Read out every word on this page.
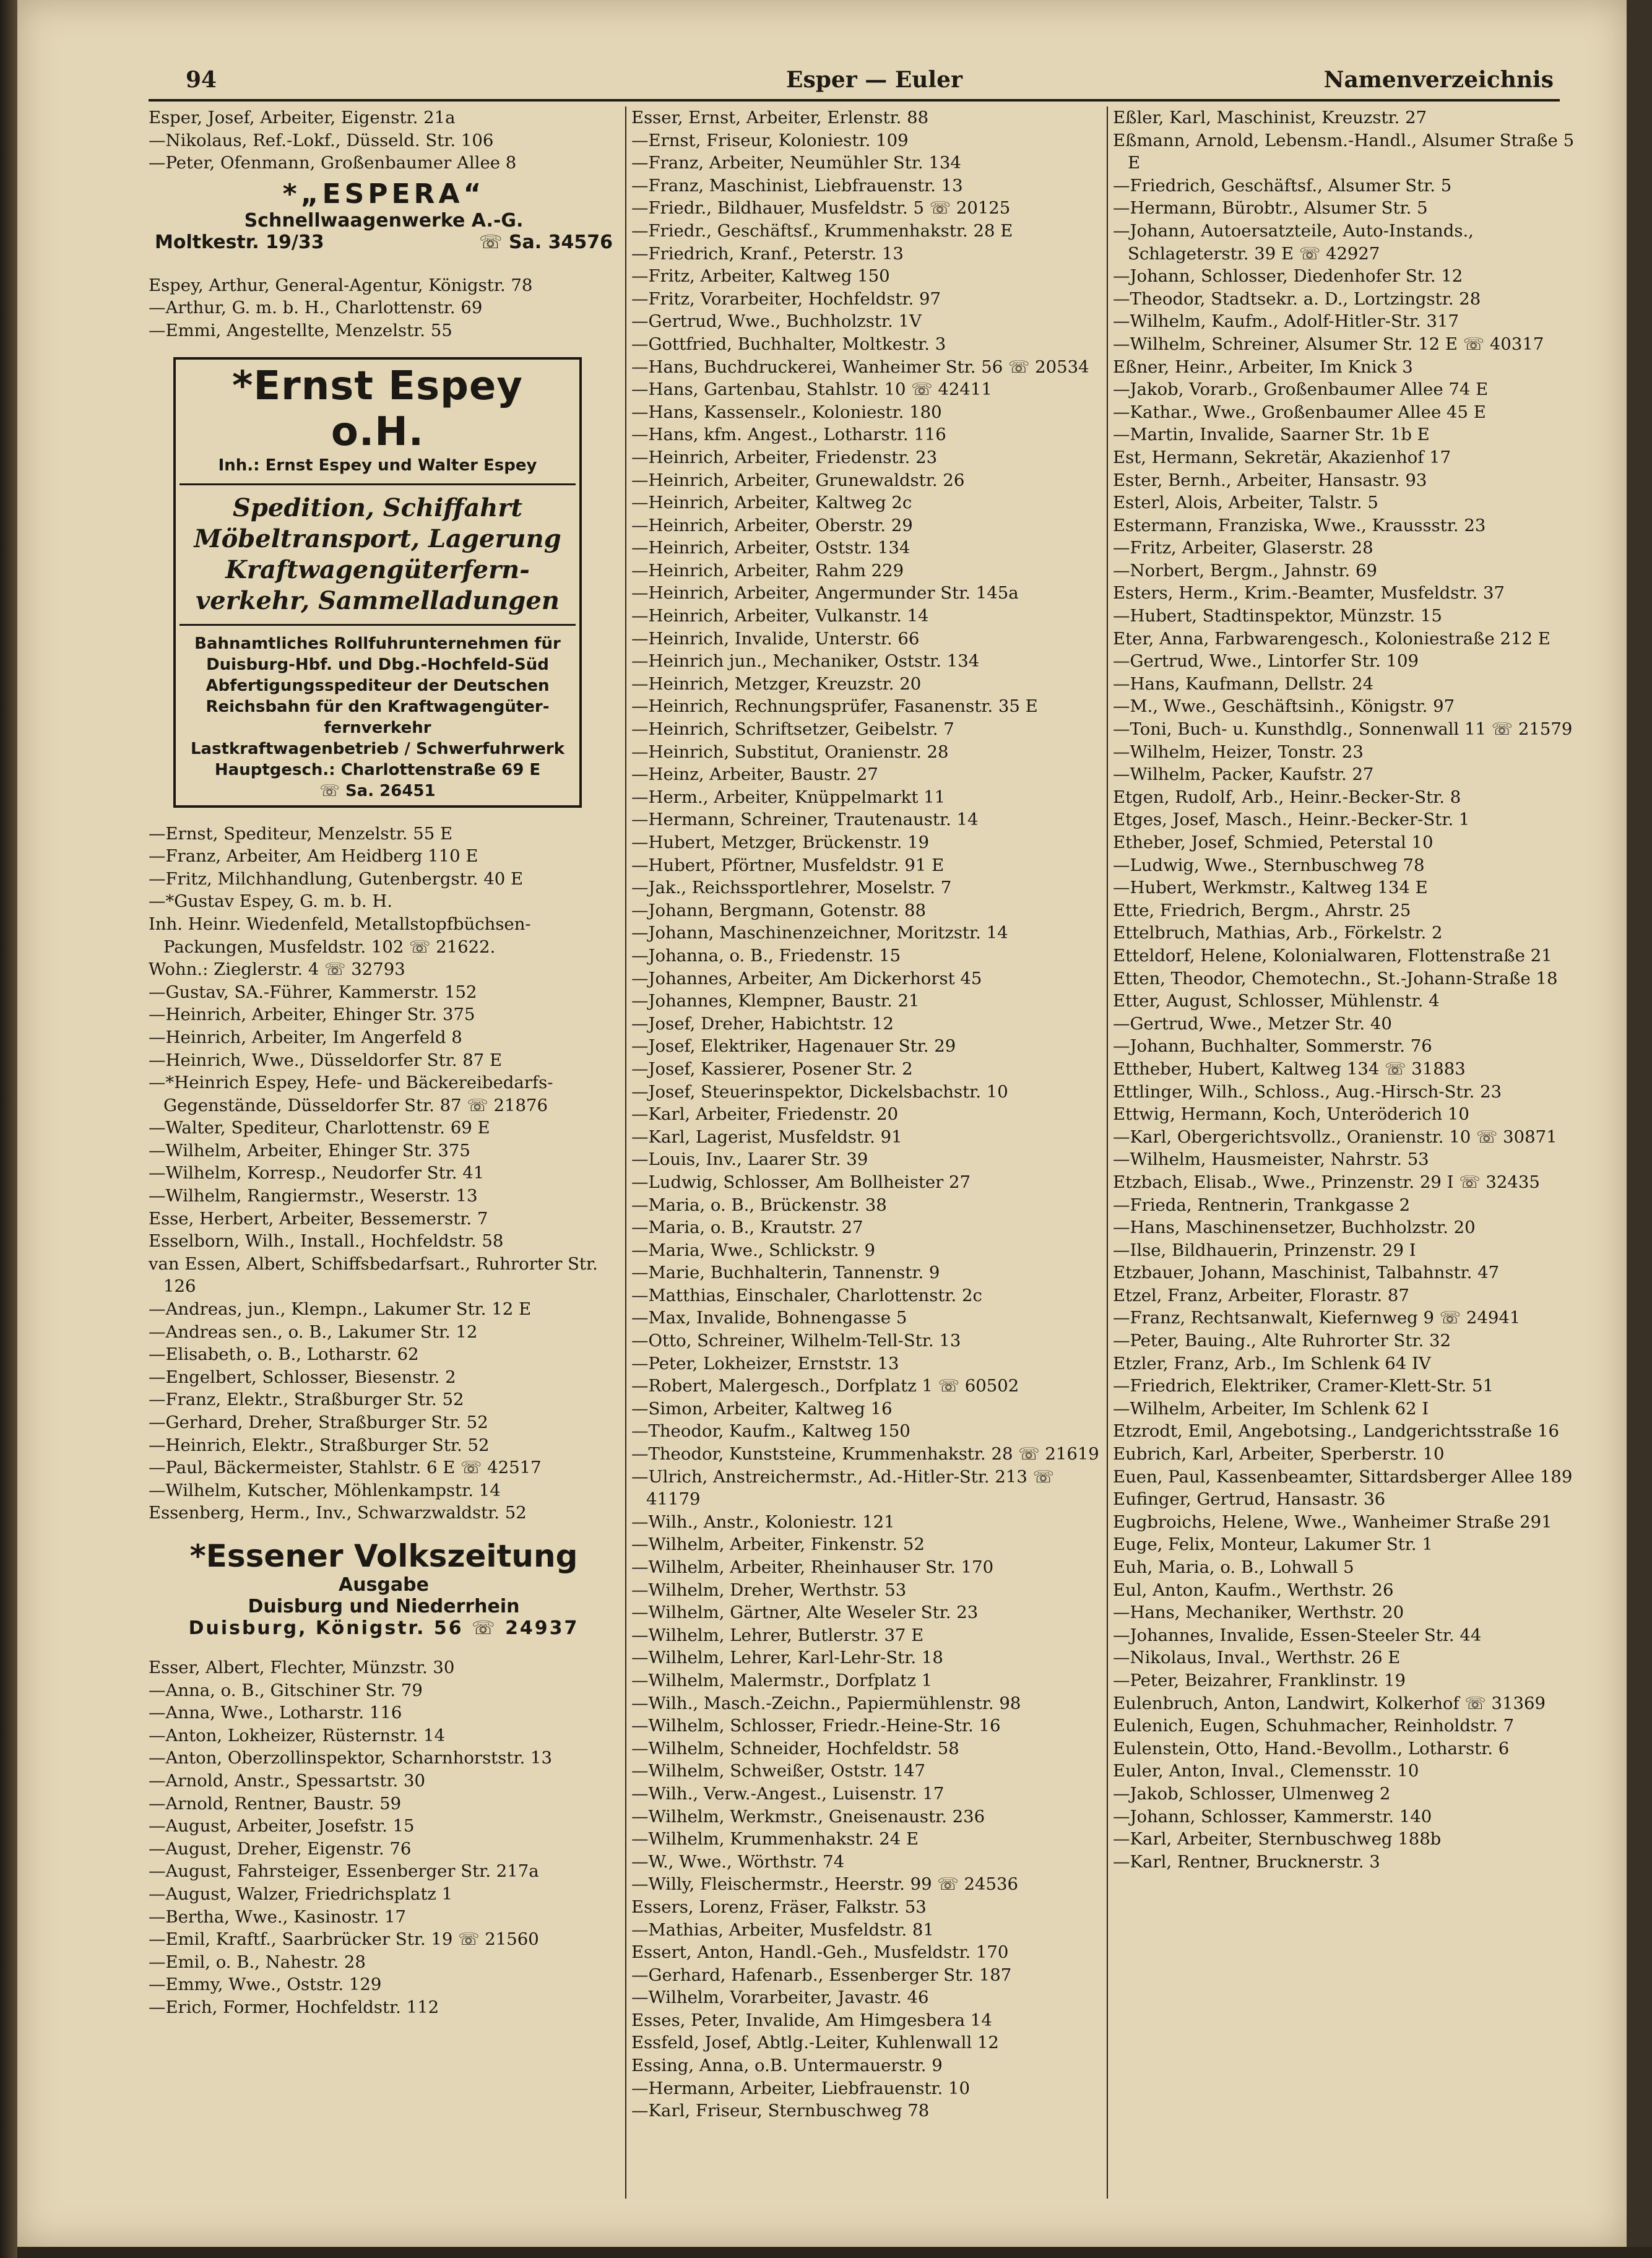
94	Esper — Euler	Namenverzeichnis
Esper, Josef, Arbeiter, Eigenstr. 21a
—Nikolaus, Ref.-Lokf., Düsseld. Str. 106
—Peter, Ofenmann, Großenbaumer Allee 8
*„ESPERA“
Schnellwaagenwerke A.-G.
Moltkestr. 19/33	☏ Sa. 34576
Espey, Arthur, General-Agentur, Königstr. 78
—Arthur, G. m. b. H., Charlottenstr. 69
—Emmi, Angestellte, Menzelstr. 55
*Ernst Espey o.H.
Inh.: Ernst Espey und Walter Espey
Spedition, Schiffahrt
Möbeltransport, Lagerung
Kraftwagengüterfern-
verkehr, Sammelladungen
Bahnamtliches Rollfuhrunternehmen für
Duisburg-Hbf. und Dbg.-Hochfeld-Süd
Abfertigungsspediteur der Deutschen
Reichsbahn für den Kraftwagengüter-
fernverkehr
Lastkraftwagenbetrieb / Schwerfuhrwerk
Hauptgesch.: Charlottenstraße 69 E
☏ Sa. 26451
—Ernst, Spediteur, Menzelstr. 55 E
—Franz, Arbeiter, Am Heidberg 110 E
—Fritz, Milchhandlung, Gutenbergstr. 40 E
—*Gustav Espey, G. m. b. H.
Inh. Heinr. Wiedenfeld, Metallstopfbüchsen-Packungen, Musfeldstr. 102 ☏ 21622.
Wohn.: Zieglerstr. 4 ☏ 32793
—Gustav, SA.-Führer, Kammerstr. 152
—Heinrich, Arbeiter, Ehinger Str. 375
—Heinrich, Arbeiter, Im Angerfeld 8
—Heinrich, Wwe., Düsseldorfer Str. 87 E
—*Heinrich Espey, Hefe- und Bäckereibedarfs-Gegenstände, Düsseldorfer Str. 87 ☏ 21876
—Walter, Spediteur, Charlottenstr. 69 E
—Wilhelm, Arbeiter, Ehinger Str. 375
—Wilhelm, Korresp., Neudorfer Str. 41
—Wilhelm, Rangiermstr., Weserstr. 13
Esse, Herbert, Arbeiter, Bessemerstr. 7
Esselborn, Wilh., Install., Hochfeldstr. 58
van Essen, Albert, Schiffsbedarfsart., Ruhrorter Str. 126
—Andreas, jun., Klempn., Lakumer Str. 12 E
—Andreas sen., o. B., Lakumer Str. 12
—Elisabeth, o. B., Lotharstr. 62
—Engelbert, Schlosser, Biesenstr. 2
—Franz, Elektr., Straßburger Str. 52
—Gerhard, Dreher, Straßburger Str. 52
—Heinrich, Elektr., Straßburger Str. 52
—Paul, Bäckermeister, Stahlstr. 6 E ☏ 42517
—Wilhelm, Kutscher, Möhlenkampstr. 14
Essenberg, Herm., Inv., Schwarzwaldstr. 52
*Essener Volkszeitung
Ausgabe
Duisburg und Niederrhein
Duisburg, Königstr. 56 ☏ 24937
Esser, Albert, Flechter, Münzstr. 30
—Anna, o. B., Gitschiner Str. 79
—Anna, Wwe., Lotharstr. 116
—Anton, Lokheizer, Rüsternstr. 14
—Anton, Oberzollinspektor, Scharnhorststr. 13
—Arnold, Anstr., Spessartstr. 30
—Arnold, Rentner, Baustr. 59
—August, Arbeiter, Josefstr. 15
—August, Dreher, Eigenstr. 76
—August, Fahrsteiger, Essenberger Str. 217a
—August, Walzer, Friedrichsplatz 1
—Bertha, Wwe., Kasinostr. 17
—Emil, Kraftf., Saarbrücker Str. 19 ☏ 21560
—Emil, o. B., Nahestr. 28
—Emmy, Wwe., Oststr. 129
—Erich, Former, Hochfeldstr. 112
Esser, Ernst, Arbeiter, Erlenstr. 88
—Ernst, Friseur, Koloniestr. 109
—Franz, Arbeiter, Neumühler Str. 134
—Franz, Maschinist, Liebfrauenstr. 13
—Friedr., Bildhauer, Musfeldstr. 5 ☏ 20125
—Friedr., Geschäftsf., Krummenhakstr. 28 E
—Friedrich, Kranf., Peterstr. 13
—Fritz, Arbeiter, Kaltweg 150
—Fritz, Vorarbeiter, Hochfeldstr. 97
—Gertrud, Wwe., Buchholzstr. 1V
—Gottfried, Buchhalter, Moltkestr. 3
—Hans, Buchdruckerei, Wanheimer Str. 56 ☏ 20534
—Hans, Gartenbau, Stahlstr. 10 ☏ 42411
—Hans, Kassenselr., Koloniestr. 180
—Hans, kfm. Angest., Lotharstr. 116
—Heinrich, Arbeiter, Friedenstr. 23
—Heinrich, Arbeiter, Grunewaldstr. 26
—Heinrich, Arbeiter, Kaltweg 2c
—Heinrich, Arbeiter, Oberstr. 29
—Heinrich, Arbeiter, Oststr. 134
—Heinrich, Arbeiter, Rahm 229
—Heinrich, Arbeiter, Angermunder Str. 145a
—Heinrich, Arbeiter, Vulkanstr. 14
—Heinrich, Invalide, Unterstr. 66
—Heinrich jun., Mechaniker, Oststr. 134
—Heinrich, Metzger, Kreuzstr. 20
—Heinrich, Rechnungsprüfer, Fasanenstr. 35 E
—Heinrich, Schriftsetzer, Geibelstr. 7
—Heinrich, Substitut, Oranienstr. 28
—Heinz, Arbeiter, Baustr. 27
—Herm., Arbeiter, Knüppelmarkt 11
—Hermann, Schreiner, Trautenaustr. 14
—Hubert, Metzger, Brückenstr. 19
—Hubert, Pförtner, Musfeldstr. 91 E
—Jak., Reichssportlehrer, Moselstr. 7
—Johann, Bergmann, Gotenstr. 88
—Johann, Maschinenzeichner, Moritzstr. 14
—Johanna, o. B., Friedenstr. 15
—Johannes, Arbeiter, Am Dickerhorst 45
—Johannes, Klempner, Baustr. 21
—Josef, Dreher, Habichtstr. 12
—Josef, Elektriker, Hagenauer Str. 29
—Josef, Kassierer, Posener Str. 2
—Josef, Steuerinspektor, Dickelsbachstr. 10
—Karl, Arbeiter, Friedenstr. 20
—Karl, Lagerist, Musfeldstr. 91
—Louis, Inv., Laarer Str. 39
—Ludwig, Schlosser, Am Bollheister 27
—Maria, o. B., Brückenstr. 38
—Maria, o. B., Krautstr. 27
—Maria, Wwe., Schlickstr. 9
—Marie, Buchhalterin, Tannenstr. 9
—Matthias, Einschaler, Charlottenstr. 2c
—Max, Invalide, Bohnengasse 5
—Otto, Schreiner, Wilhelm-Tell-Str. 13
—Peter, Lokheizer, Ernststr. 13
—Robert, Malergesch., Dorfplatz 1 ☏ 60502
—Simon, Arbeiter, Kaltweg 16
—Theodor, Kaufm., Kaltweg 150
—Theodor, Kunststeine, Krummenhakstr. 28 ☏ 21619
—Ulrich, Anstreichermstr., Ad.-Hitler-Str. 213 ☏ 41179
—Wilh., Anstr., Koloniestr. 121
—Wilhelm, Arbeiter, Finkenstr. 52
—Wilhelm, Arbeiter, Rheinhauser Str. 170
—Wilhelm, Dreher, Werthstr. 53
—Wilhelm, Gärtner, Alte Weseler Str. 23
—Wilhelm, Lehrer, Butlerstr. 37 E
—Wilhelm, Lehrer, Karl-Lehr-Str. 18
—Wilhelm, Malermstr., Dorfplatz 1
—Wilh., Masch.-Zeichn., Papiermühlenstr. 98
—Wilhelm, Schlosser, Friedr.-Heine-Str. 16
—Wilhelm, Schneider, Hochfeldstr. 58
—Wilhelm, Schweißer, Oststr. 147
—Wilh., Verw.-Angest., Luisenstr. 17
—Wilhelm, Werkmstr., Gneisenaustr. 236
—Wilhelm, Krummenhakstr. 24 E
—W., Wwe., Wörthstr. 74
—Willy, Fleischermstr., Heerstr. 99 ☏ 24536
Essers, Lorenz, Fräser, Falkstr. 53
—Mathias, Arbeiter, Musfeldstr. 81
Essert, Anton, Handl.-Geh., Musfeldstr. 170
—Gerhard, Hafenarb., Essenberger Str. 187
—Wilhelm, Vorarbeiter, Javastr. 46
Esses, Peter, Invalide, Am Himgesbera 14
Essfeld, Josef, Abtlg.-Leiter, Kuhlenwall 12
Essing, Anna, o.B. Untermauerstr. 9
—Hermann, Arbeiter, Liebfrauenstr. 10
—Karl, Friseur, Sternbuschweg 78
Eßler, Karl, Maschinist, Kreuzstr. 27
Eßmann, Arnold, Lebensm.-Handl., Alsumer Straße 5 E
—Friedrich, Geschäftsf., Alsumer Str. 5
—Hermann, Bürobtr., Alsumer Str. 5
—Johann, Autoersatzteile, Auto-Instands., Schlageterstr. 39 E ☏ 42927
—Johann, Schlosser, Diedenhofer Str. 12
—Theodor, Stadtsekr. a. D., Lortzingstr. 28
—Wilhelm, Kaufm., Adolf-Hitler-Str. 317
—Wilhelm, Schreiner, Alsumer Str. 12 E ☏ 40317
Eßner, Heinr., Arbeiter, Im Knick 3
—Jakob, Vorarb., Großenbaumer Allee 74 E
—Kathar., Wwe., Großenbaumer Allee 45 E
—Martin, Invalide, Saarner Str. 1b E
Est, Hermann, Sekretär, Akazienhof 17
Ester, Bernh., Arbeiter, Hansastr. 93
Esterl, Alois, Arbeiter, Talstr. 5
Estermann, Franziska, Wwe., Kraussstr. 23
—Fritz, Arbeiter, Glaserstr. 28
—Norbert, Bergm., Jahnstr. 69
Esters, Herm., Krim.-Beamter, Musfeldstr. 37
—Hubert, Stadtinspektor, Münzstr. 15
Eter, Anna, Farbwarengesch., Koloniestraße 212 E
—Gertrud, Wwe., Lintorfer Str. 109
—Hans, Kaufmann, Dellstr. 24
—M., Wwe., Geschäftsinh., Königstr. 97
—Toni, Buch- u. Kunsthdlg., Sonnenwall 11 ☏ 21579
—Wilhelm, Heizer, Tonstr. 23
—Wilhelm, Packer, Kaufstr. 27
Etgen, Rudolf, Arb., Heinr.-Becker-Str. 8
Etges, Josef, Masch., Heinr.-Becker-Str. 1
Etheber, Josef, Schmied, Peterstal 10
—Ludwig, Wwe., Sternbuschweg 78
—Hubert, Werkmstr., Kaltweg 134 E
Ette, Friedrich, Bergm., Ahrstr. 25
Ettelbruch, Mathias, Arb., Förkelstr. 2
Etteldorf, Helene, Kolonialwaren, Flottenstraße 21
Etten, Theodor, Chemotechn., St.-Johann-Straße 18
Etter, August, Schlosser, Mühlenstr. 4
—Gertrud, Wwe., Metzer Str. 40
—Johann, Buchhalter, Sommerstr. 76
Ettheber, Hubert, Kaltweg 134 ☏ 31883
Ettlinger, Wilh., Schloss., Aug.-Hirsch-Str. 23
Ettwig, Hermann, Koch, Unteröderich 10
—Karl, Obergerichtsvollz., Oranienstr. 10 ☏ 30871
—Wilhelm, Hausmeister, Nahrstr. 53
Etzbach, Elisab., Wwe., Prinzenstr. 29 I ☏ 32435
—Frieda, Rentnerin, Trankgasse 2
—Hans, Maschinensetzer, Buchholzstr. 20
—Ilse, Bildhauerin, Prinzenstr. 29 I
Etzbauer, Johann, Maschinist, Talbahnstr. 47
Etzel, Franz, Arbeiter, Florastr. 87
—Franz, Rechtsanwalt, Kiefernweg 9 ☏ 24941
—Peter, Bauing., Alte Ruhrorter Str. 32
Etzler, Franz, Arb., Im Schlenk 64 IV
—Friedrich, Elektriker, Cramer-Klett-Str. 51
—Wilhelm, Arbeiter, Im Schlenk 62 I
Etzrodt, Emil, Angebotsing., Landgerichtsstraße 16
Eubrich, Karl, Arbeiter, Sperberstr. 10
Euen, Paul, Kassenbeamter, Sittardsberger Allee 189
Eufinger, Gertrud, Hansastr. 36
Eugbroichs, Helene, Wwe., Wanheimer Straße 291
Euge, Felix, Monteur, Lakumer Str. 1
Euh, Maria, o. B., Lohwall 5
Eul, Anton, Kaufm., Werthstr. 26
—Hans, Mechaniker, Werthstr. 20
—Johannes, Invalide, Essen-Steeler Str. 44
—Nikolaus, Inval., Werthstr. 26 E
—Peter, Beizahrer, Franklinstr. 19
Eulenbruch, Anton, Landwirt, Kolkerhof ☏ 31369
Eulenich, Eugen, Schuhmacher, Reinholdstr. 7
Eulenstein, Otto, Hand.-Bevollm., Lotharstr. 6
Euler, Anton, Inval., Clemensstr. 10
—Jakob, Schlosser, Ulmenweg 2
—Johann, Schlosser, Kammerstr. 140
—Karl, Arbeiter, Sternbuschweg 188b
—Karl, Rentner, Brucknerstr. 3
